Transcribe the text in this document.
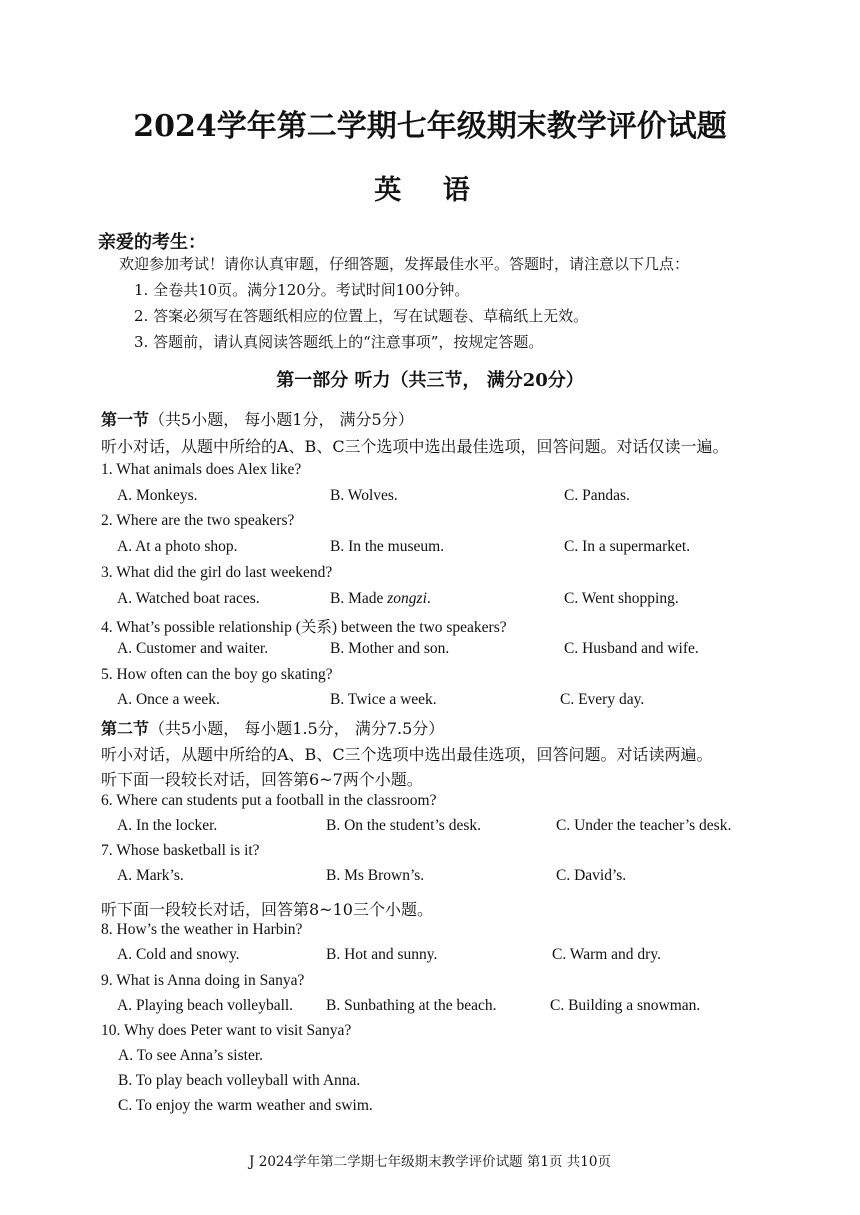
2024学年第二学期七年级期末教学评价试题
英 语
亲爱的考生：
欢迎参加考试！请你认真审题，仔细答题，发挥最佳水平。答题时，请注意以下几点：
1. 全卷共10页。满分120分。考试时间100分钟。
2. 答案必须写在答题纸相应的位置上，写在试题卷、草稿纸上无效。
3. 答题前，请认真阅读答题纸上的“注意事项”，按规定答题。
第一部分 听力（共三节， 满分20分）
第一节（共5小题， 每小题1分， 满分5分）
听小对话，从题中所给的A、B、C三个选项中选出最佳选项，回答问题。对话仅读一遍。
1. What animals does Alex like?
A. Monkeys.	B. Wolves.	C. Pandas.
2. Where are the two speakers?
A. At a photo shop.	B. In the museum.	C. In a supermarket.
3. What did the girl do last weekend?
A. Watched boat races.	B. Made zongzi.	C. Went shopping.
4. What’s possible relationship (关系) between the two speakers?
A. Customer and waiter.	B. Mother and son.	C. Husband and wife.
5. How often can the boy go skating?
A. Once a week.	B. Twice a week.	C. Every day.
第二节（共5小题， 每小题1.5分， 满分7.5分）
听小对话，从题中所给的A、B、C三个选项中选出最佳选项，回答问题。对话读两遍。
听下面一段较长对话，回答第6~7两个小题。
6. Where can students put a football in the classroom?
A. In the locker.	B. On the student’s desk.	C. Under the teacher’s desk.
7. Whose basketball is it?
A. Mark’s.	B. Ms Brown’s.	C. David’s.
听下面一段较长对话，回答第8~10三个小题。
8. How’s the weather in Harbin?
A. Cold and snowy.	B. Hot and sunny.	C. Warm and dry.
9. What is Anna doing in Sanya?
A. Playing beach volleyball. B. Sunbathing at the beach.	C. Building a snowman.
10. Why does Peter want to visit Sanya?
A. To see Anna’s sister.
B. To play beach volleyball with Anna.
C. To enjoy the warm weather and swim.
J 2024学年第二学期七年级期末教学评价试题 第1页 共10页
